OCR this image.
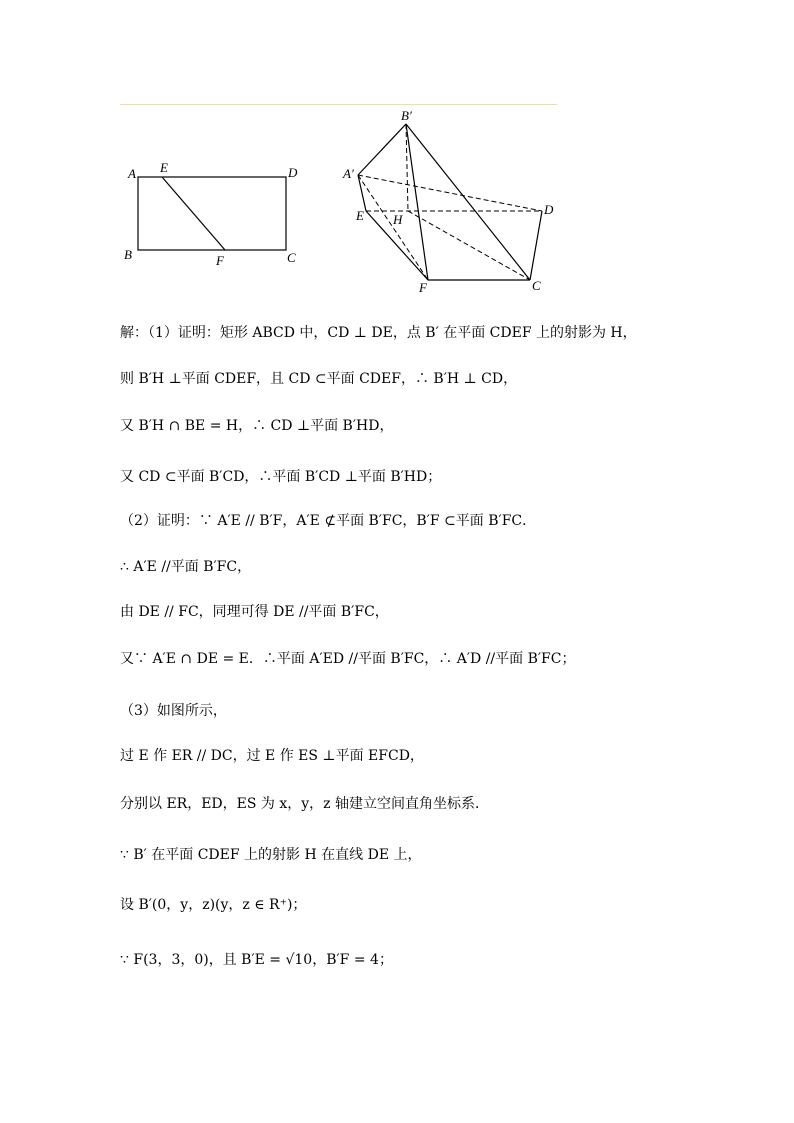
A E	D
B	F	C
B′
A′
D
E H
F	C
解：（1）证明：矩形 ABCD 中，CD ⊥ DE，点 B′ 在平面 CDEF 上的射影为 H，
则 B′H ⊥平面 CDEF，且 CD ⊂平面 CDEF，∴ B′H ⊥ CD，
又 B′H ∩ BE = H，∴ CD ⊥平面 B′HD，
又 CD ⊂平面 B′CD，∴平面 B′CD ⊥平面 B′HD；
（2）证明：∵ A′E // B′F，A′E ⊄平面 B′FC，B′F ⊂平面 B′FC．
∴ A′E //平面 B′FC，
由 DE // FC，同理可得 DE //平面 B′FC，
又∵ A′E ∩ DE = E．∴平面 A′ED //平面 B′FC，∴ A′D //平面 B′FC；
（3）如图所示，
过 E 作 ER // DC，过 E 作 ES ⊥平面 EFCD，
分别以 ER，ED，ES 为 x，y，z 轴建立空间直角坐标系．
∵ B′ 在平面 CDEF 上的射影 H 在直线 DE 上，
设 B′(0，y，z)(y，z ∈ R⁺)；
∵ F(3，3，0)，且 B′E = √10，B′F = 4；
